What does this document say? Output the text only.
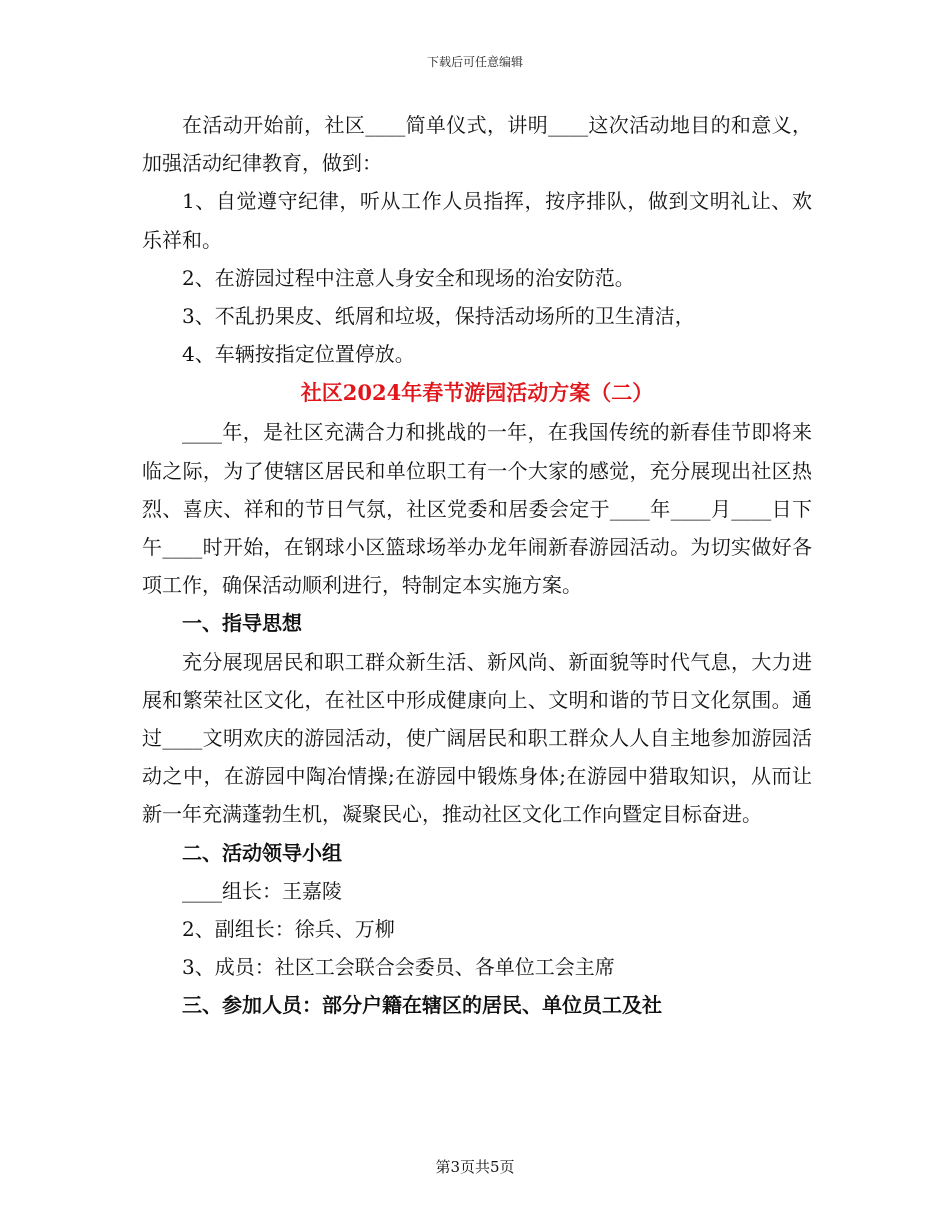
下载后可任意编辑

在活动开始前，社区____简单仪式，讲明____这次活动地目的和意义，加强活动纪律教育，做到：

1、自觉遵守纪律，听从工作人员指挥，按序排队，做到文明礼让、欢乐祥和。

2、在游园过程中注意人身安全和现场的治安防范。

3、不乱扔果皮、纸屑和垃圾，保持活动场所的卫生清洁，

4、车辆按指定位置停放。

社区2024年春节游园活动方案（二）

____年，是社区充满合力和挑战的一年，在我国传统的新春佳节即将来临之际，为了使辖区居民和单位职工有一个大家的感觉，充分展现出社区热烈、喜庆、祥和的节日气氛，社区党委和居委会定于____年____月____日下午____时开始，在钢球小区篮球场举办龙年闹新春游园活动。为切实做好各项工作，确保活动顺利进行，特制定本实施方案。

一、指导思想

充分展现居民和职工群众新生活、新风尚、新面貌等时代气息，大力进展和繁荣社区文化，在社区中形成健康向上、文明和谐的节日文化氛围。通过____文明欢庆的游园活动，使广阔居民和职工群众人人自主地参加游园活动之中，在游园中陶冶情操;在游园中锻炼身体;在游园中猎取知识，从而让新一年充满蓬勃生机，凝聚民心，推动社区文化工作向暨定目标奋进。

二、活动领导小组

____组长：王嘉陵

2、副组长：徐兵、万柳

3、成员：社区工会联合会委员、各单位工会主席

三、参加人员：部分户籍在辖区的居民、单位员工及社

第3页共5页
